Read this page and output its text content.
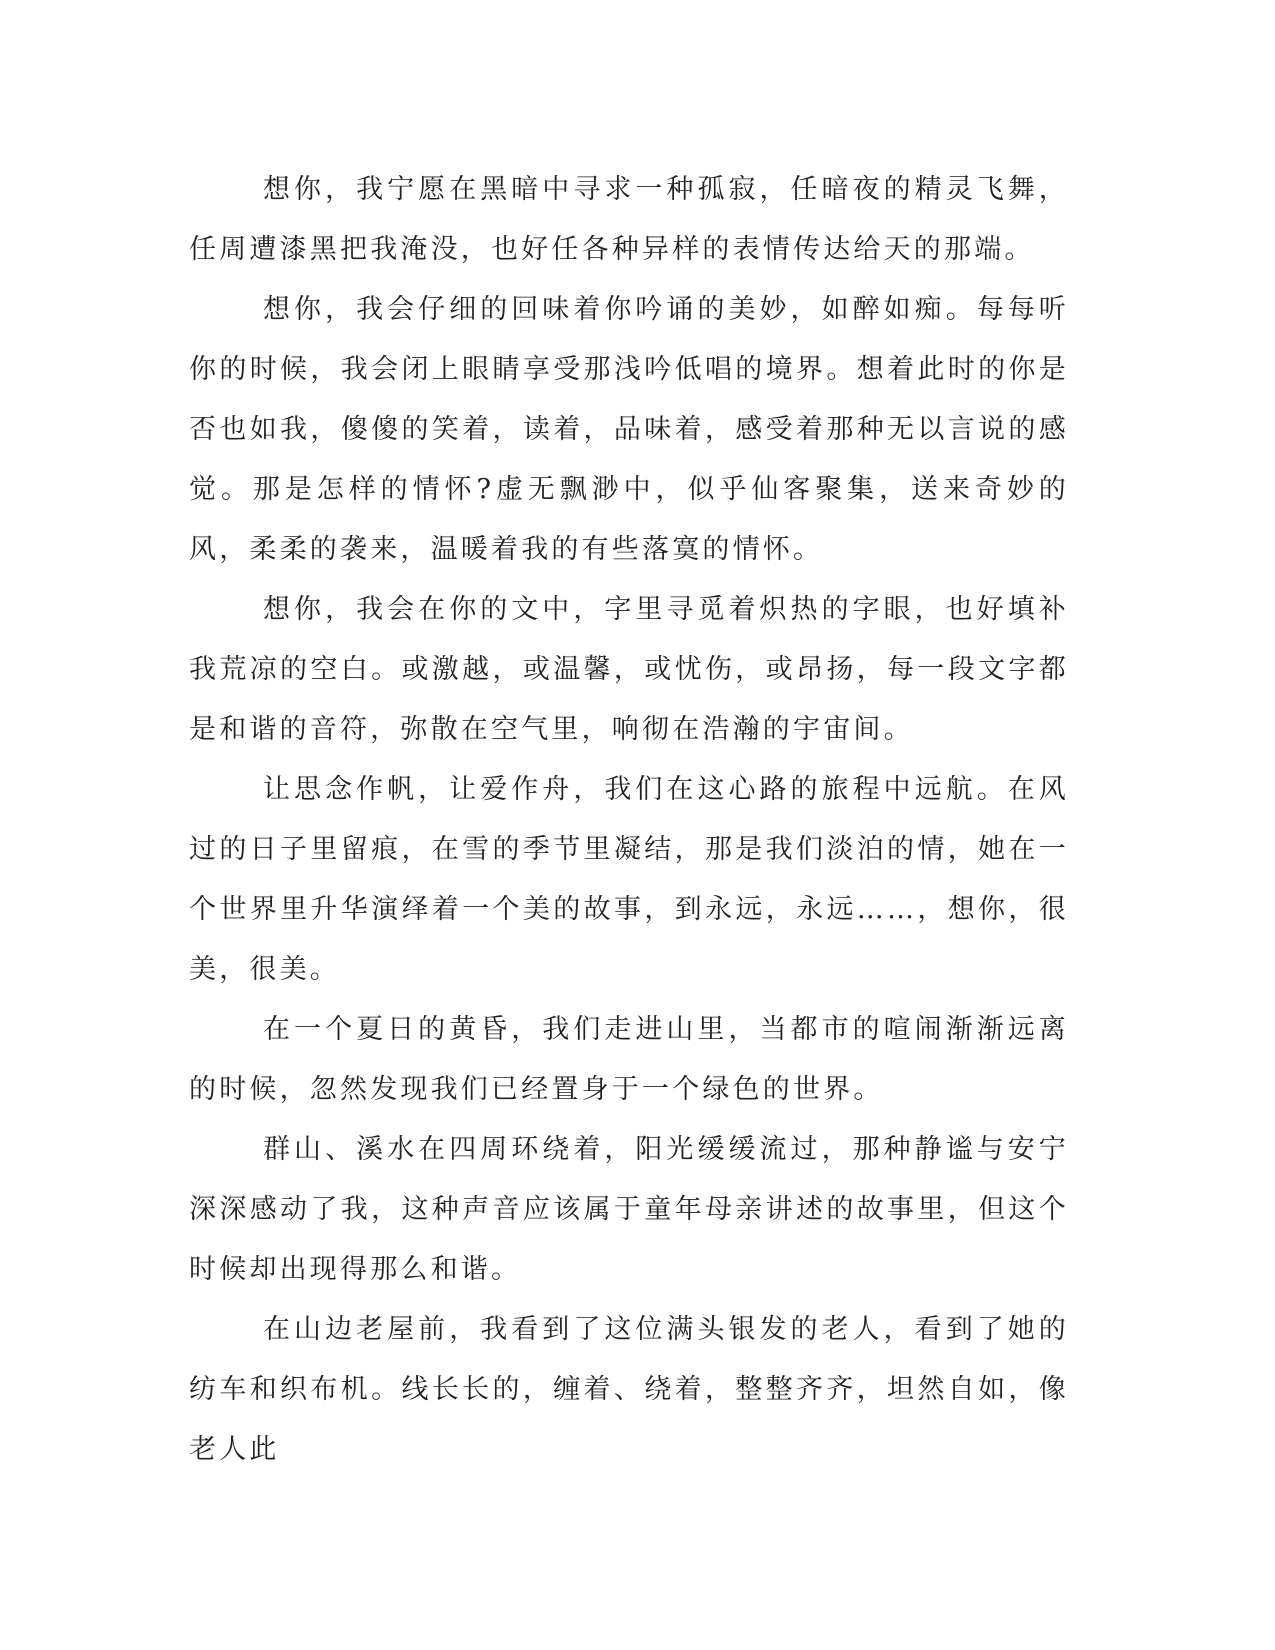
想你，我宁愿在黑暗中寻求一种孤寂，任暗夜的精灵飞舞，任周遭漆黑把我淹没，也好任各种异样的表情传达给天的那端。

想你，我会仔细的回味着你吟诵的美妙，如醉如痴。每每听你的时候，我会闭上眼睛享受那浅吟低唱的境界。想着此时的你是否也如我，傻傻的笑着，读着，品味着，感受着那种无以言说的感觉。那是怎样的情怀?虚无飘渺中，似乎仙客聚集，送来奇妙的风，柔柔的袭来，温暖着我的有些落寞的情怀。

想你，我会在你的文中，字里寻觅着炽热的字眼，也好填补我荒凉的空白。或激越，或温馨，或忧伤，或昂扬，每一段文字都是和谐的音符，弥散在空气里，响彻在浩瀚的宇宙间。

让思念作帆，让爱作舟，我们在这心路的旅程中远航。在风过的日子里留痕，在雪的季节里凝结，那是我们淡泊的情，她在一个世界里升华演绎着一个美的故事，到永远，永远……，想你，很美，很美。

在一个夏日的黄昏，我们走进山里，当都市的喧闹渐渐远离的时候，忽然发现我们已经置身于一个绿色的世界。

群山、溪水在四周环绕着，阳光缓缓流过，那种静谧与安宁深深感动了我，这种声音应该属于童年母亲讲述的故事里，但这个时候却出现得那么和谐。

在山边老屋前，我看到了这位满头银发的老人，看到了她的纺车和织布机。线长长的，缠着、绕着，整整齐齐，坦然自如，像老人此
